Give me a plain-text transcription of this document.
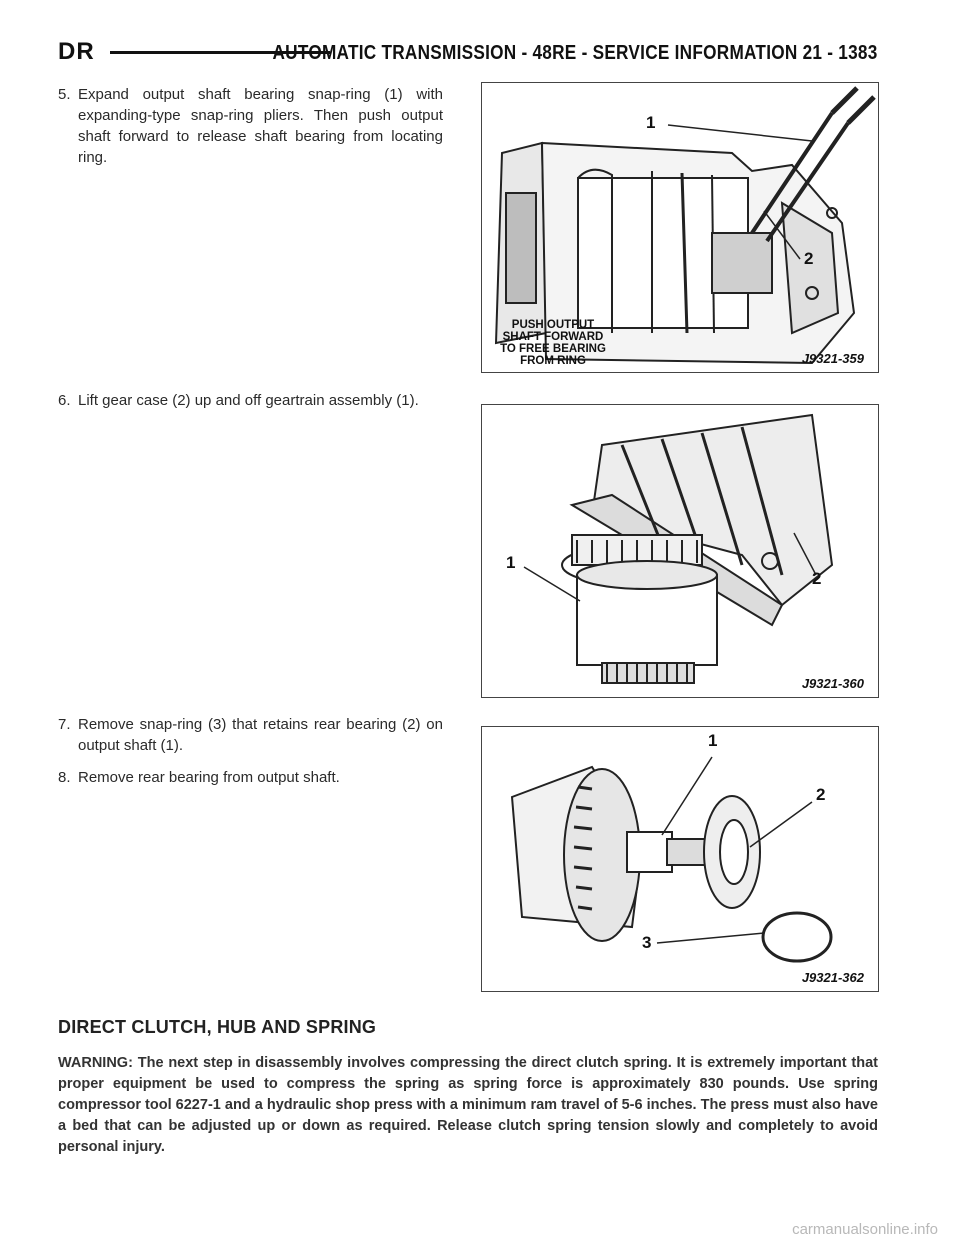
DR	AUTOMATIC TRANSMISSION - 48RE - SERVICE INFORMATION 21 - 1383
5. Expand output shaft bearing snap-ring (1) with expanding-type snap-ring pliers. Then push output shaft forward to release shaft bearing from locating ring.
6. Lift gear case (2) up and off geartrain assembly (1).
7. Remove snap-ring (3) that retains rear bearing (2) on output shaft (1).
8. Remove rear bearing from output shaft.
1
2
PUSH OUTPUT
SHAFT FORWARD
TO FREE BEARING
FROM RING	J9321-359
1
2
J9321-360
1
2
3
J9321-362
DIRECT CLUTCH, HUB AND SPRING
WARNING: The next step in disassembly involves compressing the direct clutch spring. It is extremely important that proper equipment be used to compress the spring as spring force is approximately 830 pounds. Use spring compressor tool 6227-1 and a hydraulic shop press with a minimum ram travel of 5-6 inches. The press must also have a bed that can be adjusted up or down as required. Release clutch spring tension slowly and completely to avoid personal injury.
carmanualsonline.info
